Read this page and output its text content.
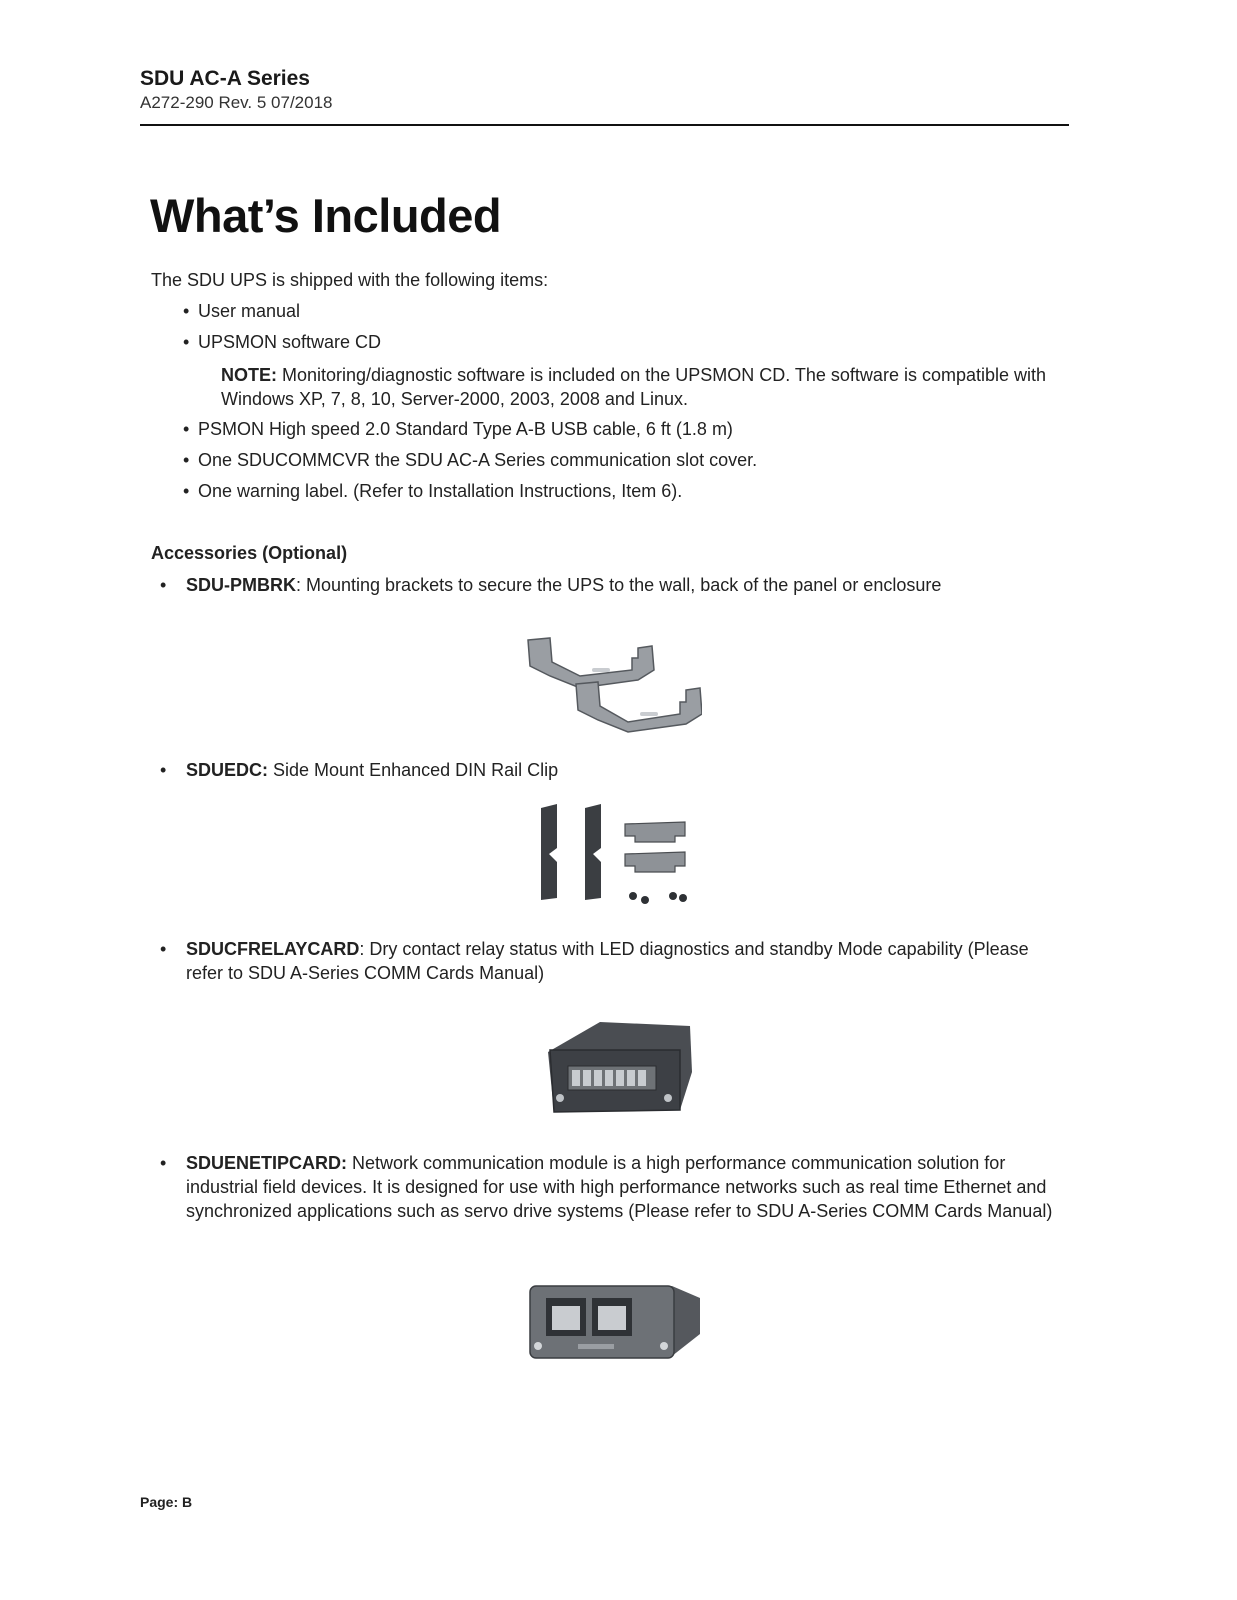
SDU AC-A Series
A272-290 Rev. 5 07/2018
What’s Included
The SDU UPS is shipped with the following items:
• User manual
• UPSMON software CD
NOTE: Monitoring/diagnostic software is included on the UPSMON CD. The software is compatible with Windows XP, 7, 8, 10, Server-2000, 2003, 2008 and Linux.
• PSMON High speed 2.0 Standard Type A-B USB cable, 6 ft (1.8 m)
• One SDUCOMMCVR the SDU AC-A Series communication slot cover.
• One warning label. (Refer to Installation Instructions, Item 6).
Accessories (Optional)
• SDU-PMBRK: Mounting brackets to secure the UPS to the wall, back of the panel or enclosure
• SDUEDC: Side Mount Enhanced DIN Rail Clip
• SDUCFRELAYCARD: Dry contact relay status with LED diagnostics and standby Mode capability (Please refer to SDU A-Series COMM Cards Manual)
• SDUENETIPCARD: Network communication module is a high performance communication solution for industrial field devices. It is designed for use with high performance networks such as real time Ethernet and synchronized applications such as servo drive systems (Please refer to SDU A-Series COMM Cards Manual)
Page: B
